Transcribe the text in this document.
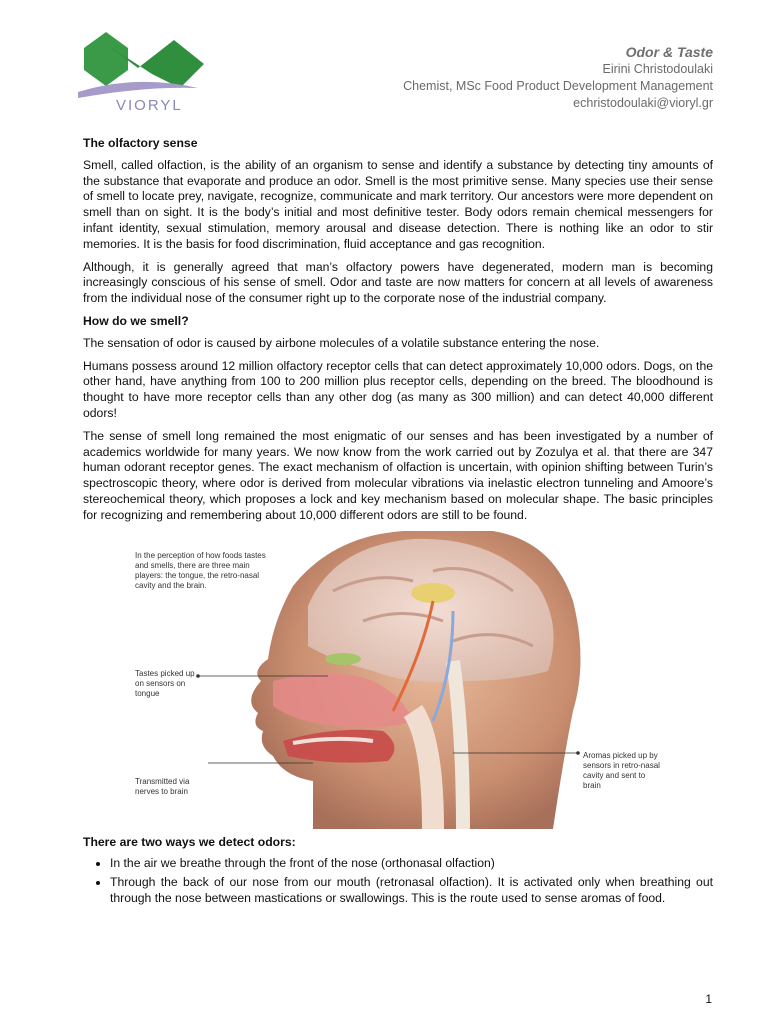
VIORYL
Odor & Taste
Eirini Christodoulaki
Chemist, MSc Food Product Development Management
echristodoulaki@vioryl.gr
The olfactory sense

Smell, called olfaction, is the ability of an organism to sense and identify a substance by detecting tiny amounts of the substance that evaporate and produce an odor. Smell is the most primitive sense. Many species use their sense of smell to locate prey, navigate, recognize, communicate and mark territory. Our ancestors were more dependent on smell than on sight. It is the body’s initial and most definitive tester. Body odors remain chemical messengers for infant identity, sexual stimulation, memory arousal and disease detection. There is nothing like an odor to stir memories. It is the basis for food discrimination, fluid acceptance and gas recognition.

Although, it is generally agreed that man’s olfactory powers have degenerated, modern man is becoming increasingly conscious of his sense of smell. Odor and taste are now matters for concern at all levels of awareness from the individual nose of the consumer right up to the corporate nose of the industrial company.

How do we smell?

The sensation of odor is caused by airbone molecules of a volatile substance entering the nose.

Humans possess around 12 million olfactory receptor cells that can detect approximately 10,000 odors. Dogs, on the other hand, have anything from 100 to 200 million plus receptor cells, depending on the breed. The bloodhound is thought to have more receptor cells than any other dog (as many as 300 million) and can detect 40,000 different odors!

The sense of smell long remained the most enigmatic of our senses and has been investigated by a number of academics worldwide for many years. We now know from the work carried out by Zozulya et al. that there are 347 human odorant receptor genes. The exact mechanism of olfaction is uncertain, with opinion shifting between Turin’s spectroscopic theory, where odor is derived from molecular vibrations via inelastic electron tunneling and Amoore’s stereochemical theory, which proposes a lock and key mechanism based on molecular shape. The basic principles for recognizing and remembering about 10,000 different odors are still to be found.

In the perception of how foods tastes and smells, there are three main players: the tongue, the retro-nasal cavity and the brain.
Tastes picked up on sensors on tongue
Transmitted via nerves to brain
Aromas picked up by sensors in retro-nasal cavity and sent to brain
There are two ways we detect odors:
• In the air we breathe through the front of the nose (orthonasal olfaction)
• Through the back of our nose from our mouth (retronasal olfaction). It is activated only when breathing out through the nose between mastications or swallowings. This is the route used to sense aromas of food.
1
